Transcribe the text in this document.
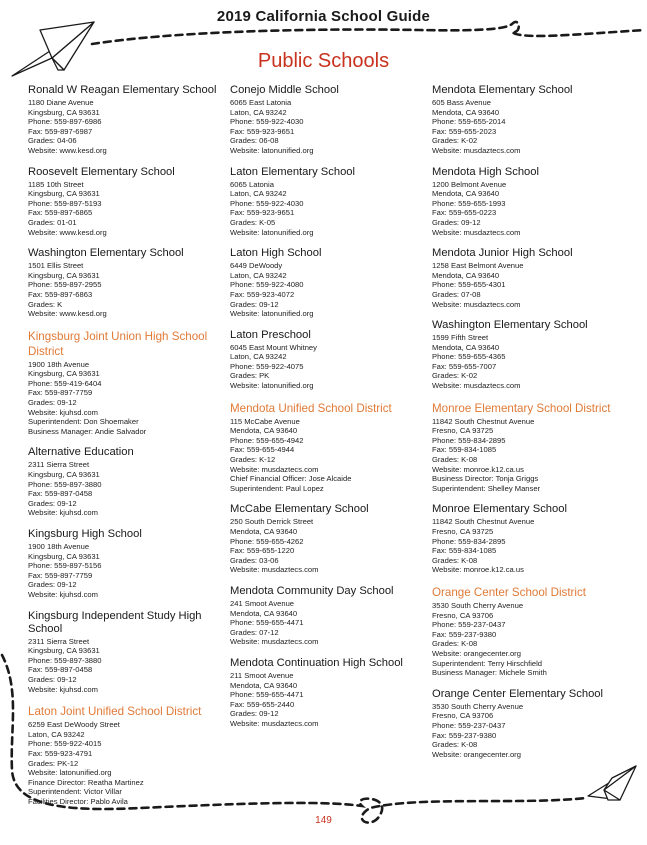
2019 California School Guide
Public Schools
Ronald W Reagan Elementary School
1180 Diane Avenue
Kingsburg, CA 93631
Phone: 559-897-6986
Fax: 559-897-6987
Grades: 04-06
Website: www.kesd.org
Roosevelt Elementary School
1185 10th Street
Kingsburg, CA 93631
Phone: 559-897-5193
Fax: 559-897-6865
Grades: 01-01
Website: www.kesd.org
Washington Elementary School
1501 Ellis Street
Kingsburg, CA 93631
Phone: 559-897-2955
Fax: 559-897-6863
Grades: K
Website: www.kesd.org
Kingsburg Joint Union High School District
1900 18th Avenue
Kingsburg, CA 93631
Phone: 559-419-6404
Fax: 559-897-7759
Grades: 09-12
Website: kjuhsd.com
Superintendent: Don Shoemaker
Business Manager: Andie Salvador
Alternative Education
2311 Sierra Street
Kingsburg, CA 93631
Phone: 559-897-3880
Fax: 559-897-0458
Grades: 09-12
Website: kjuhsd.com
Kingsburg High School
1900 18th Avenue
Kingsburg, CA 93631
Phone: 559-897-5156
Fax: 559-897-7759
Grades: 09-12
Website: kjuhsd.com
Kingsburg Independent Study High School
2311 Sierra Street
Kingsburg, CA 93631
Phone: 559-897-3880
Fax: 559-897-0458
Grades: 09-12
Website: kjuhsd.com
Laton Joint Unified School District
6259 East DeWoody Street
Laton, CA 93242
Phone: 559-922-4015
Fax: 559-923-4791
Grades: PK-12
Website: latonunified.org
Finance Director: Reatha Martinez
Superintendent: Victor Villar
Facilities Director: Pablo Avila
Conejo Middle School
6065 East Latonia
Laton, CA 93242
Phone: 559-922-4030
Fax: 559-923-9651
Grades: 06-08
Website: latonunified.org
Laton Elementary School
6065 Latonia
Laton, CA 93242
Phone: 559-922-4030
Fax: 559-923-9651
Grades: K-05
Website: latonunified.org
Laton High School
6449 DeWoody
Laton, CA 93242
Phone: 559-922-4080
Fax: 559-923-4072
Grades: 09-12
Website: latonunified.org
Laton Preschool
6045 East Mount Whitney
Laton, CA 93242
Phone: 559-922-4075
Grades: PK
Website: latonunified.org
Mendota Unified School District
115 McCabe Avenue
Mendota, CA 93640
Phone: 559-655-4942
Fax: 559-655-4944
Grades: K-12
Website: musdaztecs.com
Chief Financial Officer: Jose Alcaide
Superintendent: Paul Lopez
McCabe Elementary School
250 South Derrick Street
Mendota, CA 93640
Phone: 559-655-4262
Fax: 559-655-1220
Grades: 03-06
Website: musdaztecs.com
Mendota Community Day School
241 Smoot Avenue
Mendota, CA 93640
Phone: 559-655-4471
Grades: 07-12
Website: musdaztecs.com
Mendota Continuation High School
211 Smoot Avenue
Mendota, CA 93640
Phone: 559-655-4471
Fax: 559-655-2440
Grades: 09-12
Website: musdaztecs.com
Mendota Elementary School
605 Bass Avenue
Mendota, CA 93640
Phone: 559-655-2014
Fax: 559-655-2023
Grades: K-02
Website: musdaztecs.com
Mendota High School
1200 Belmont Avenue
Mendota, CA 93640
Phone: 559-655-1993
Fax: 559-655-0223
Grades: 09-12
Website: musdaztecs.com
Mendota Junior High School
1258 East Belmont Avenue
Mendota, CA 93640
Phone: 559-655-4301
Grades: 07-08
Website: musdaztecs.com
Washington Elementary School
1599 Fifth Street
Mendota, CA 93640
Phone: 559-655-4365
Fax: 559-655-7007
Grades: K-02
Website: musdaztecs.com
Monroe Elementary School District
11842 South Chestnut Avenue
Fresno, CA 93725
Phone: 559-834-2895
Fax: 559-834-1085
Grades: K-08
Website: monroe.k12.ca.us
Business Director: Tonja Griggs
Superintendent: Shelley Manser
Monroe Elementary School
11842 South Chestnut Avenue
Fresno, CA 93725
Phone: 559-834-2895
Fax: 559-834-1085
Grades: K-08
Website: monroe.k12.ca.us
Orange Center School District
3530 South Cherry Avenue
Fresno, CA 93706
Phone: 559-237-0437
Fax: 559-237-9380
Grades: K-08
Website: orangecenter.org
Superintendent: Terry Hirschfield
Business Manager: Michele Smith
Orange Center Elementary School
3530 South Cherry Avenue
Fresno, CA 93706
Phone: 559-237-0437
Fax: 559-237-9380
Grades: K-08
Website: orangecenter.org
149
